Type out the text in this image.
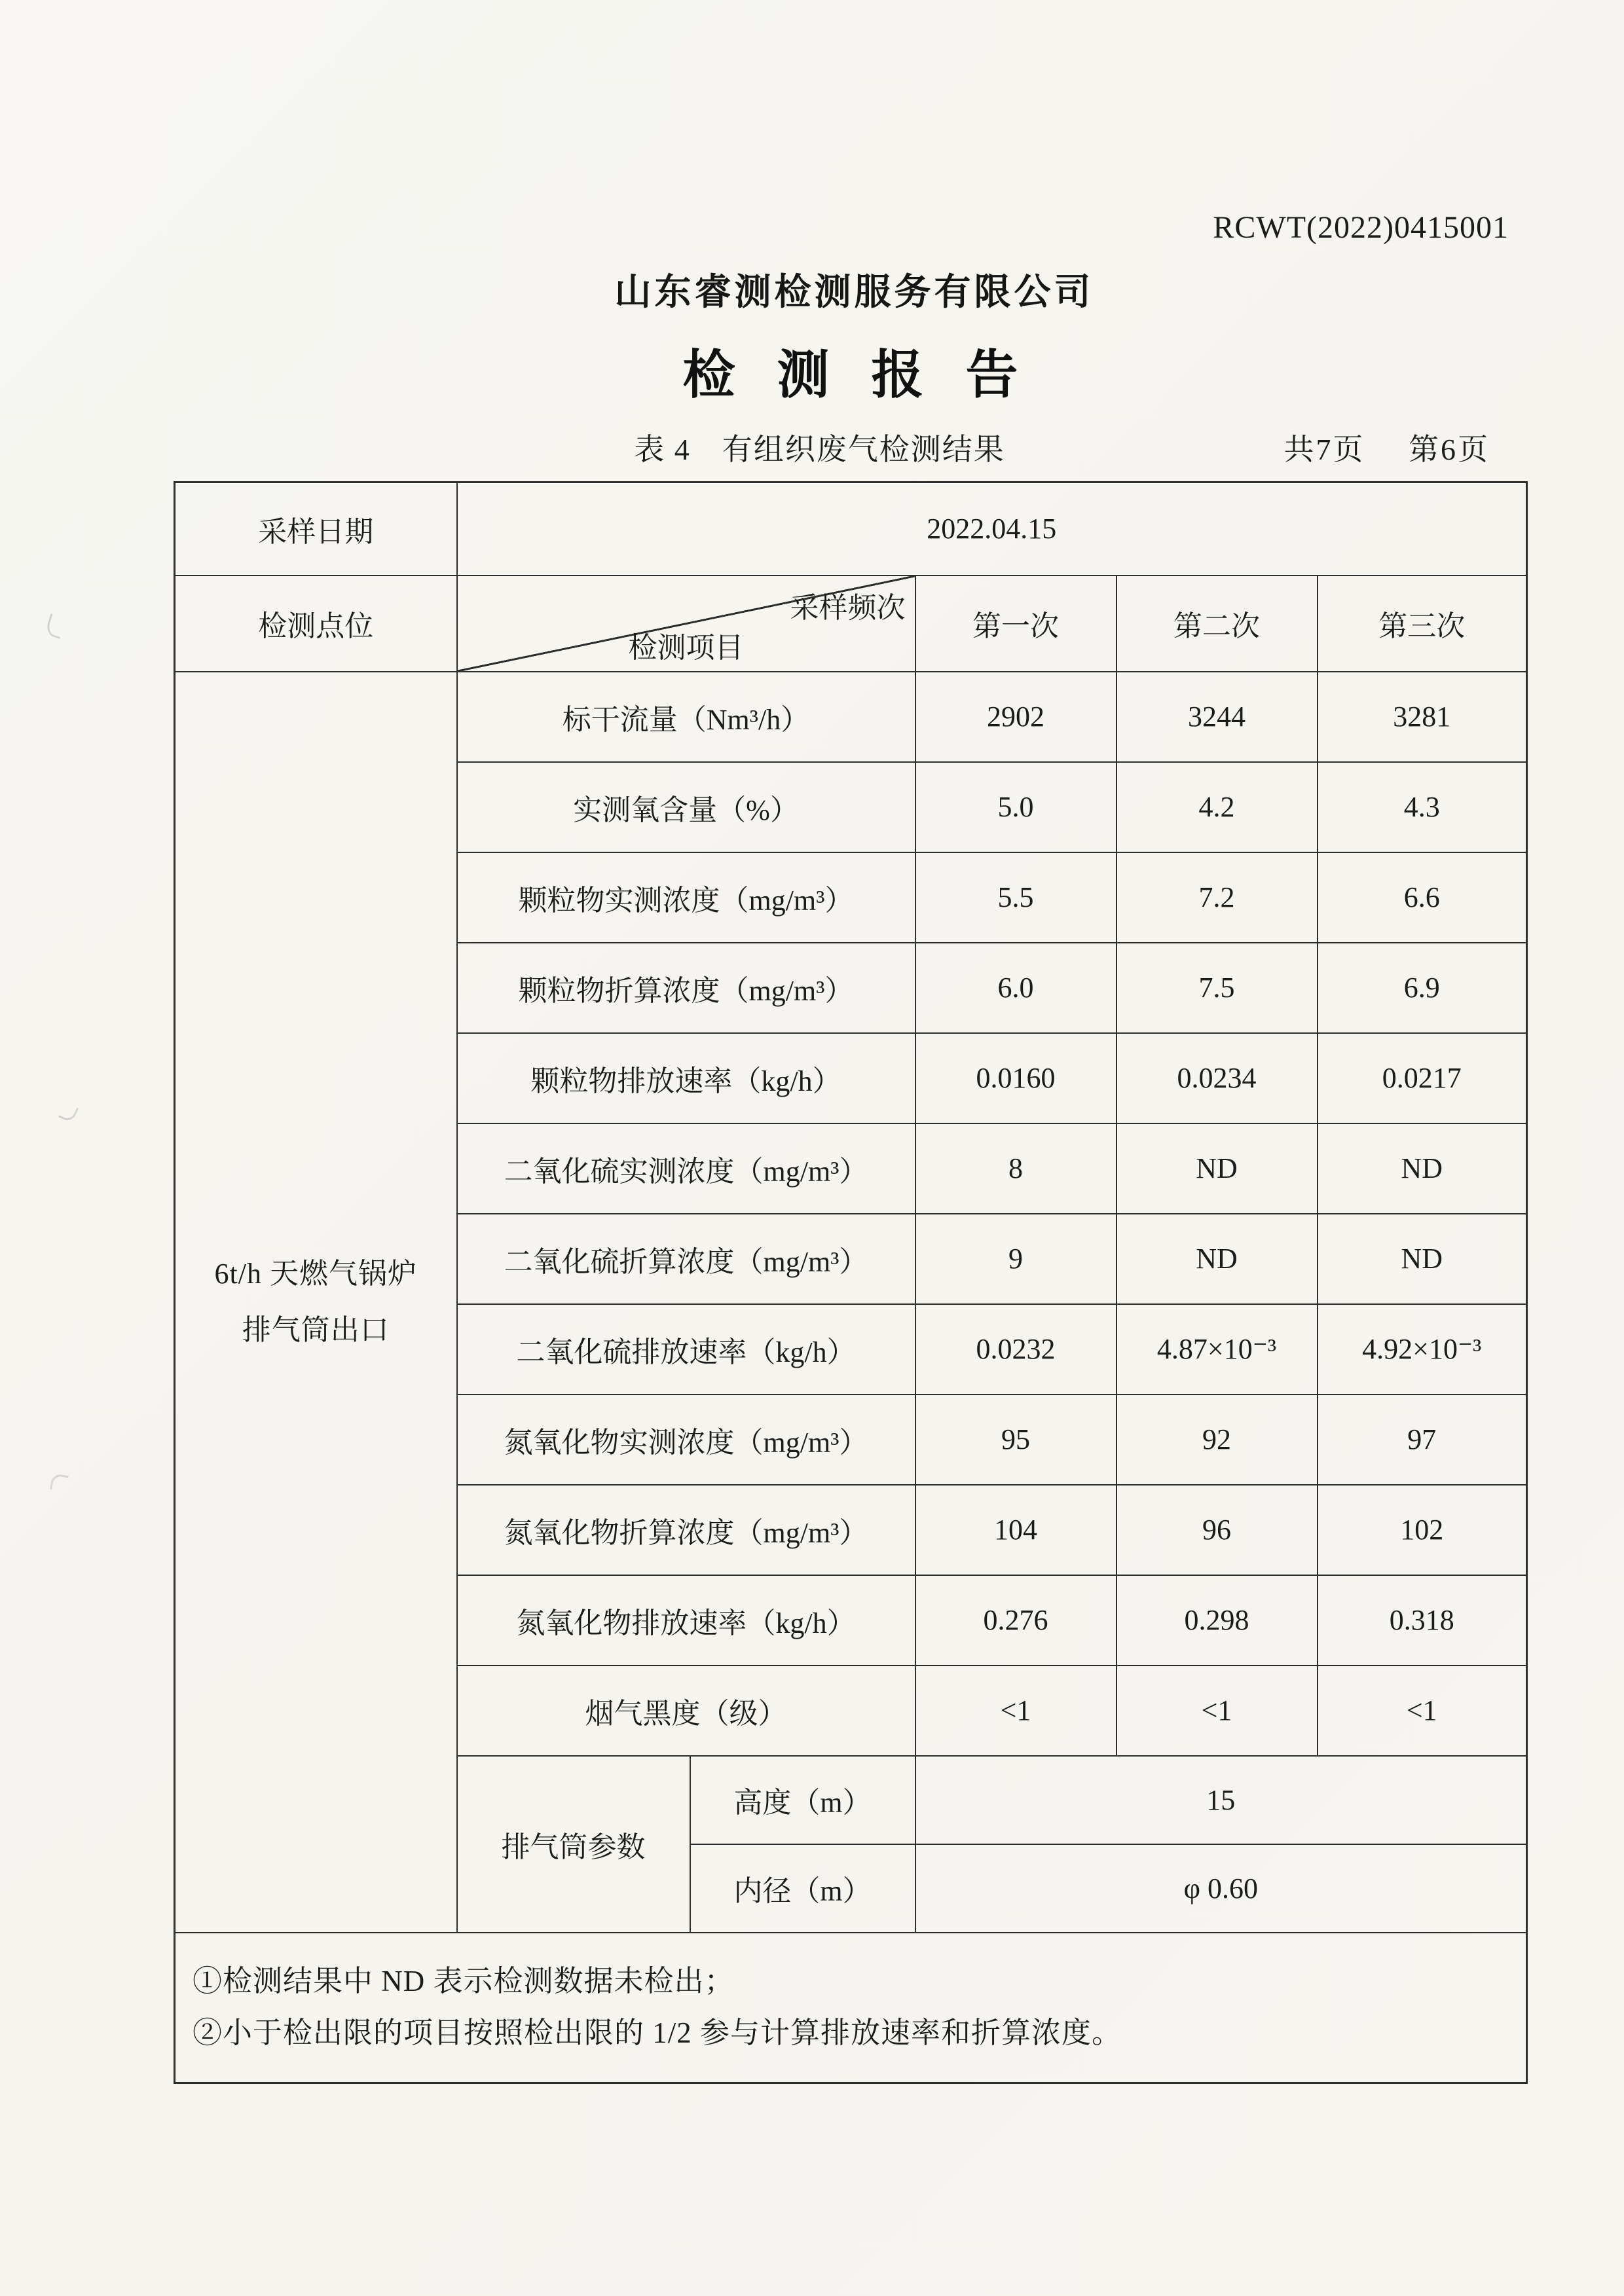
RCWT(2022)0415001
山东睿测检测服务有限公司
检 测 报 告
表 4　有组织废气检测结果	共7页 第6页
采样日期	2022.04.15				
检测点位	采样频次
检测项目		第一次	第二次	第三次

6t/h 天燃气锅炉
排气筒出口	标干流量（Nm³/h）		2902	3244	3281
	实测氧含量（%）		5.0	4.2	4.3
	颗粒物实测浓度（mg/m³）		5.5	7.2	6.6
	颗粒物折算浓度（mg/m³）		6.0	7.5	6.9
	颗粒物排放速率（kg/h）		0.0160	0.0234	0.0217
	二氧化硫实测浓度（mg/m³）		8	ND	ND
	二氧化硫折算浓度（mg/m³）		9	ND	ND
	二氧化硫排放速率（kg/h）		0.0232	4.87×10⁻³	4.92×10⁻³
	氮氧化物实测浓度（mg/m³）		95	92	97
	氮氧化物折算浓度（mg/m³）		104	96	102
	氮氧化物排放速率（kg/h）		0.276	0.298	0.318
	烟气黑度（级）		<1	<1	<1
	排气筒参数	高度（m）	15		
		内径（m）	φ 0.60		

①检测结果中 ND 表示检测数据未检出；
②小于检出限的项目按照检出限的 1/2 参与计算排放速率和折算浓度。					
